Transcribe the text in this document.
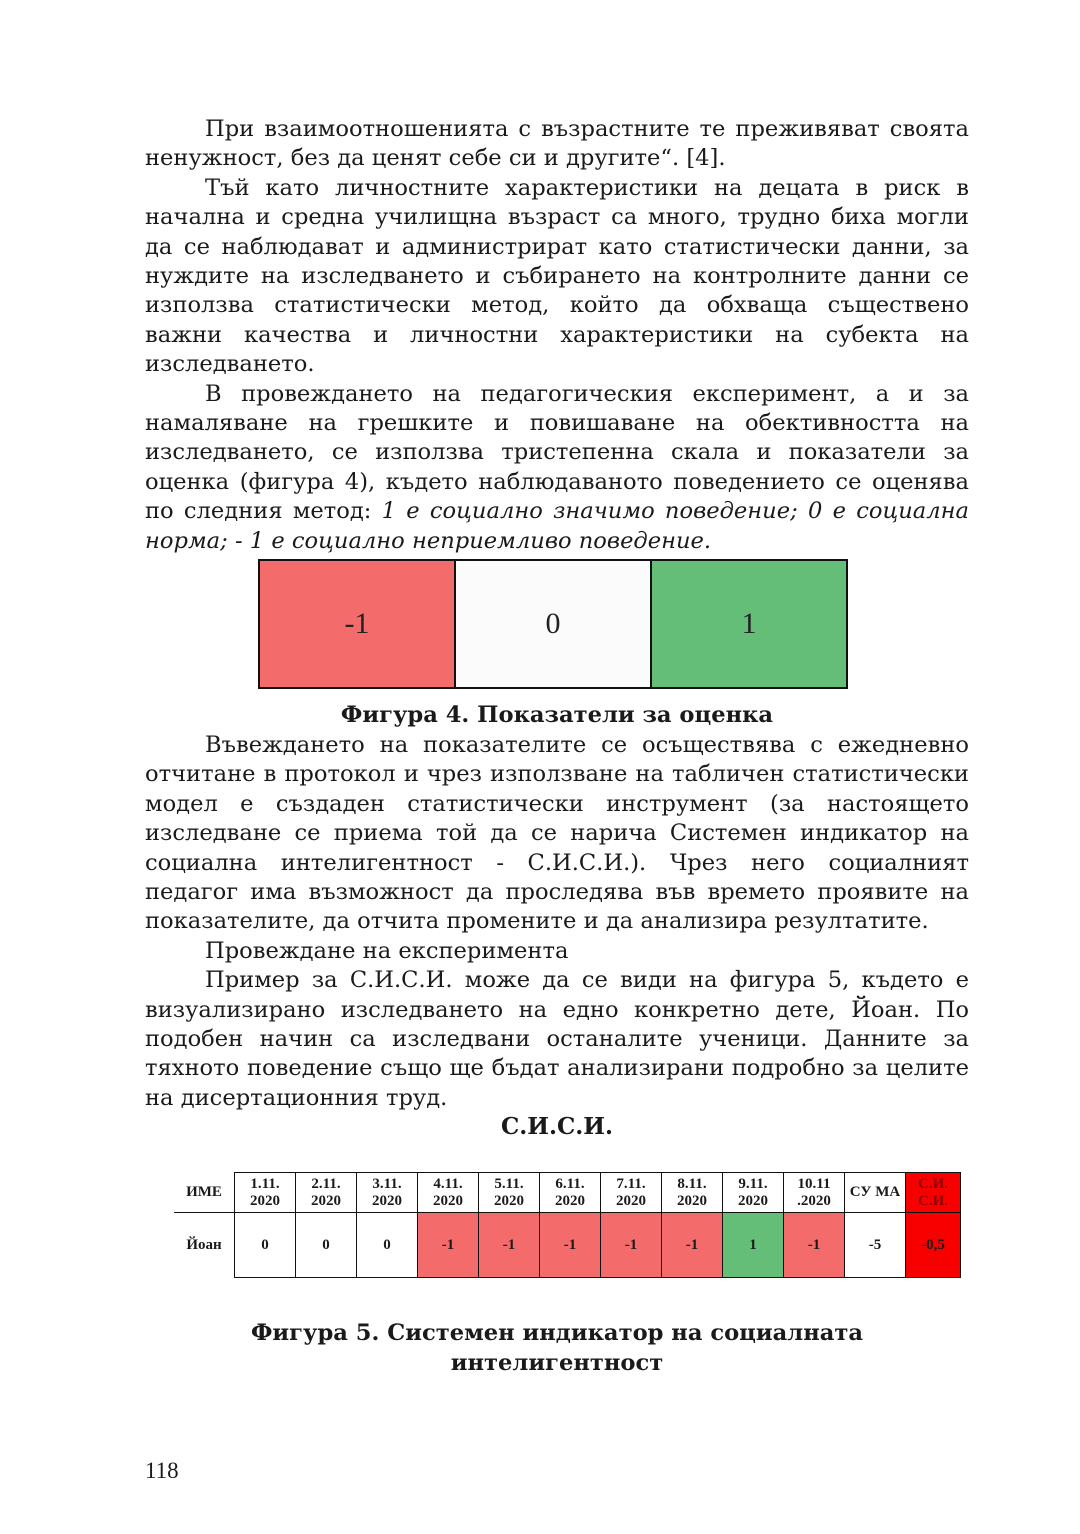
При взаимоотношенията с възрастните те преживяват своята ненужност, без да ценят себе си и другите“. [4].

Тъй като личностните характеристики на децата в риск в начална и средна училищна възраст са много, трудно биха могли да се наблюдават и администрират като статистически данни, за нуждите на изследването и събирането на контролните данни се използва статистически метод, който да обхваща съществено важни качества и личностни характеристики на субекта на изследването.

В провеждането на педагогическия експеримент, а и за намаляване на грешките и повишаване на обективността на изследването, се използва тристепенна скала и показатели за оценка (фигура 4), където наблюдаваното поведението се оценява по следния метод: 1 е социално значимо поведение; 0 е социална норма; - 1 е социално неприемливо поведение.

-1	0	1
Фигура 4. Показатели за оценка

Въвеждането на показателите се осъществява с ежедневно отчитане в протокол и чрез използване на табличен статистически модел е създаден статистически инструмент (за настоящето изследване се приема той да се нарича Системен индикатор на социална интелигентност - С.И.С.И.). Чрез него социалният педагог има възможност да проследява във времето проявите на показателите, да отчита промените и да анализира резултатите.

Провеждане на експеримента

Пример за С.И.С.И. може да се види на фигура 5, където е визуализирано изследването на едно конкретно дете, Йоан. По подобен начин са изследвани останалите ученици. Данните за тяхното поведение също ще бъдат анализирани подробно за целите на дисертационния труд.

С.И.С.И.
ИМЕ	1.11. 2020	2.11. 2020	3.11. 2020	4.11. 2020	5.11. 2020	6.11. 2020	7.11. 2020	8.11. 2020	9.11. 2020	10.11 .2020	СУ МА	С.И. С.И.
Йоан	0	0	0	-1	-1	-1	-1	-1	1	-1	-5	-0,5
Фигура 5. Системен индикатор на социалната интелигентност
118
